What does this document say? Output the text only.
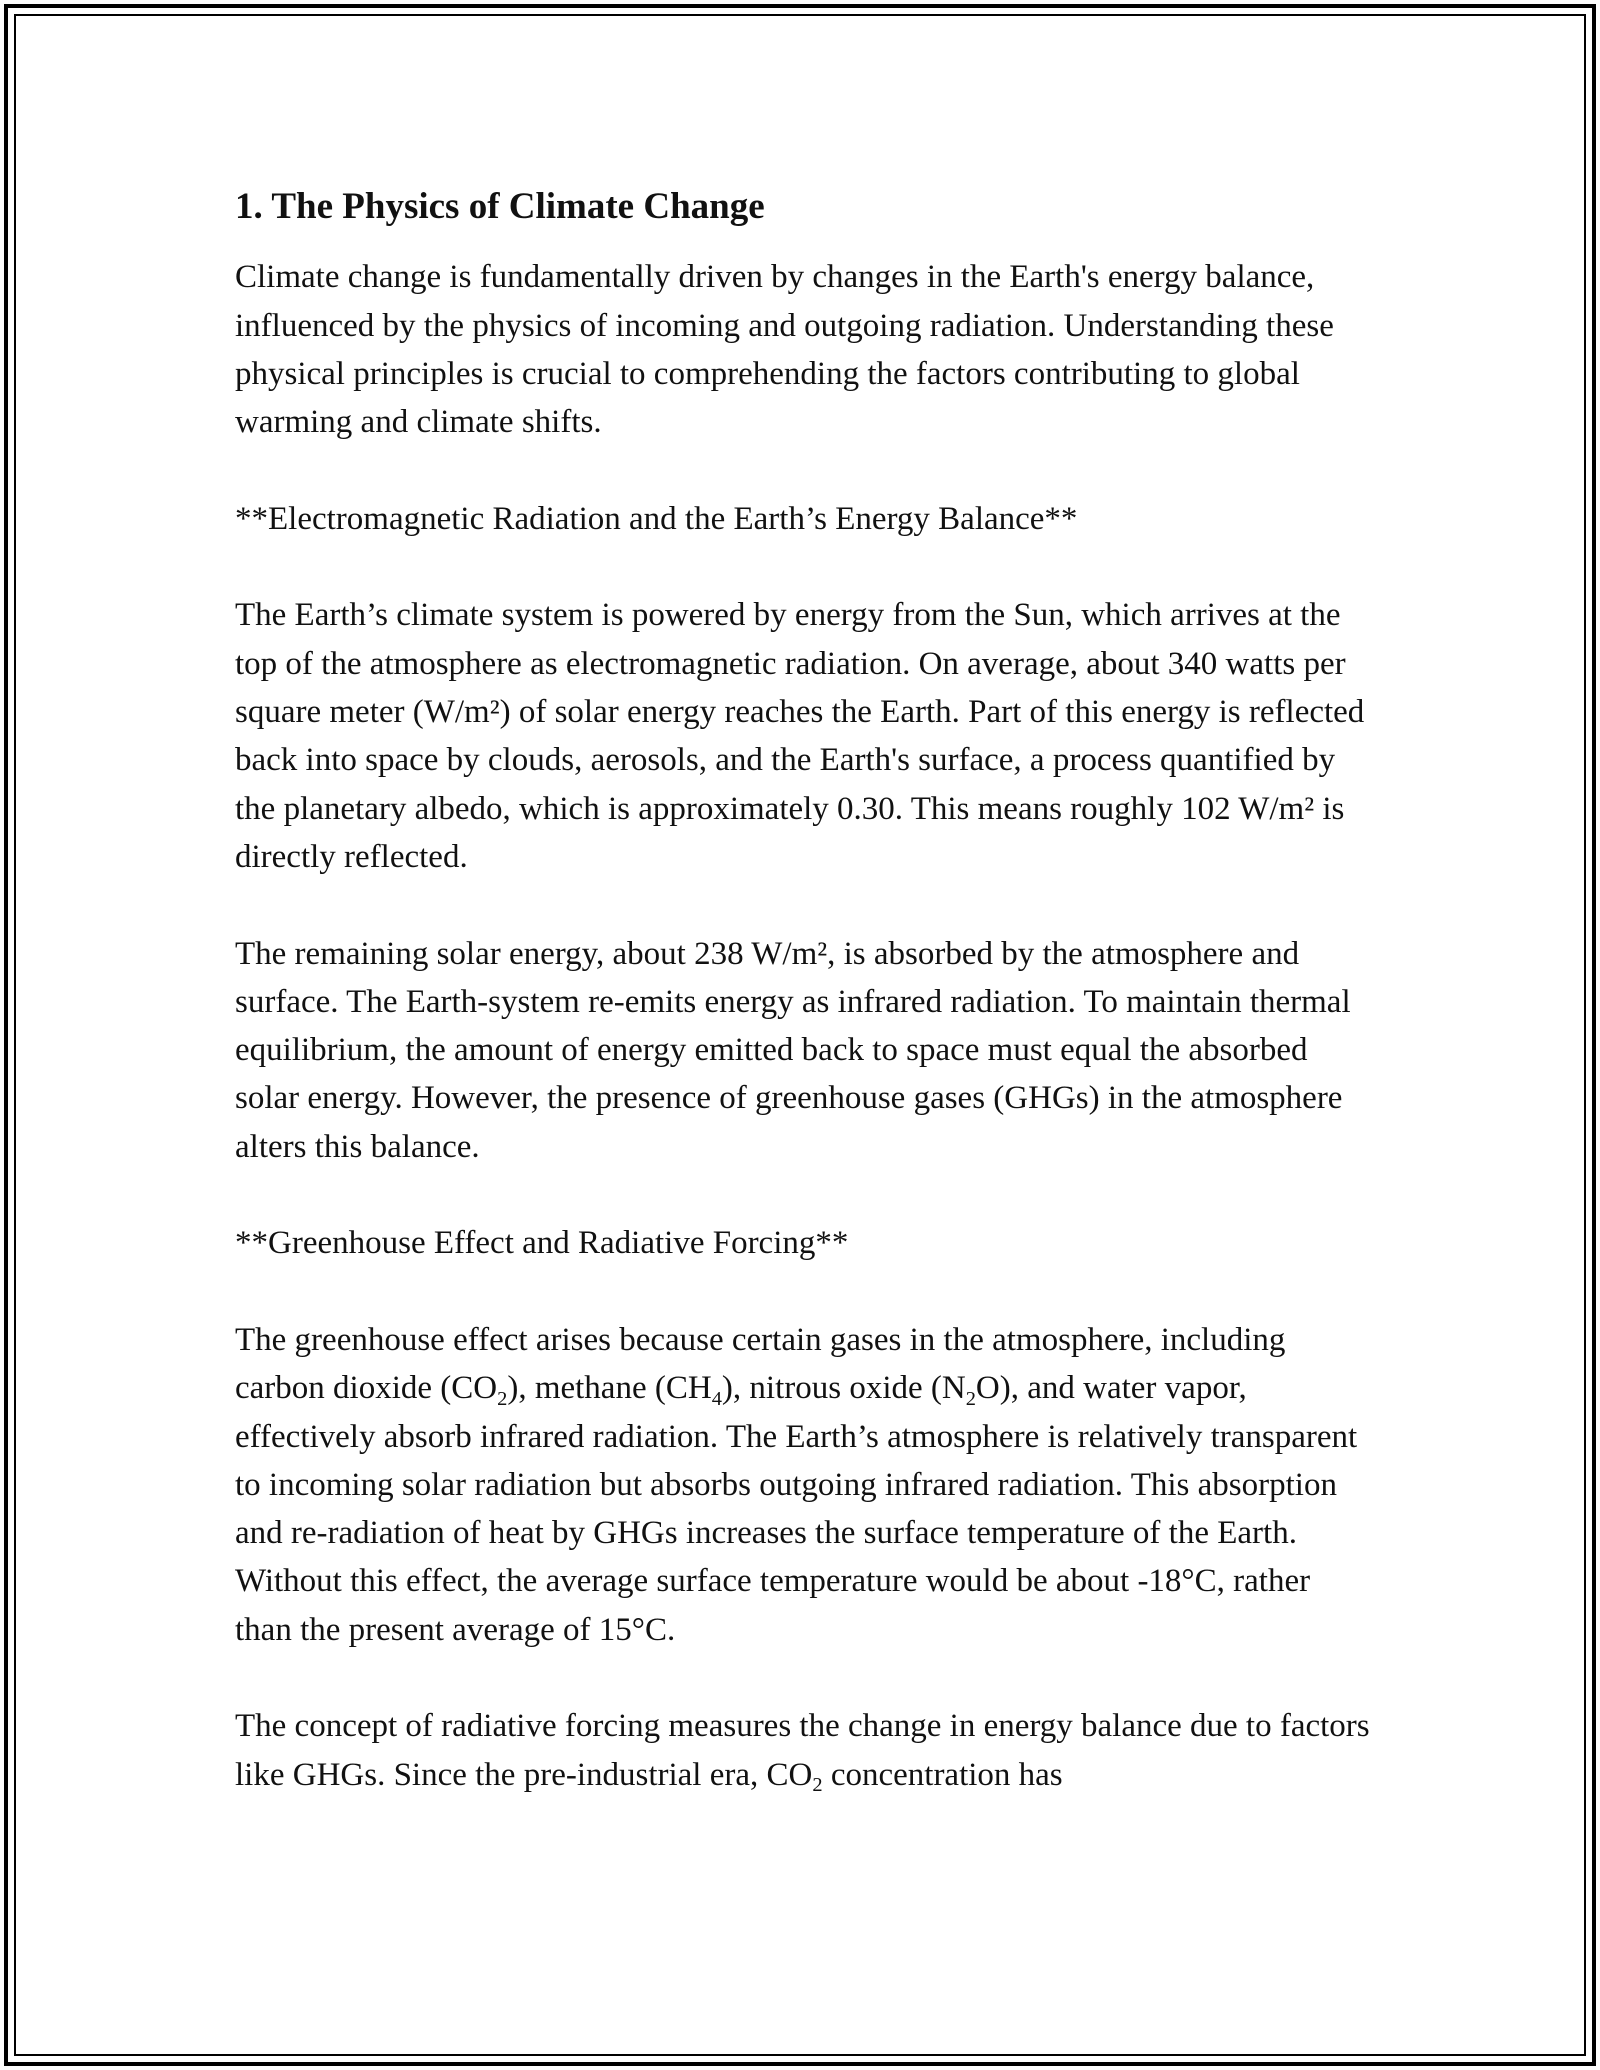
1. The Physics of Climate Change

Climate change is fundamentally driven by changes in the Earth's energy balance, influenced by the physics of incoming and outgoing radiation. Understanding these physical principles is crucial to comprehending the factors contributing to global warming and climate shifts.

**Electromagnetic Radiation and the Earth’s Energy Balance**

The Earth’s climate system is powered by energy from the Sun, which arrives at the top of the atmosphere as electromagnetic radiation. On average, about 340 watts per square meter (W/m²) of solar energy reaches the Earth. Part of this energy is reflected back into space by clouds, aerosols, and the Earth's surface, a process quantified by the planetary albedo, which is approximately 0.30. This means roughly 102 W/m² is directly reflected.

The remaining solar energy, about 238 W/m², is absorbed by the atmosphere and surface. The Earth-system re-emits energy as infrared radiation. To maintain thermal equilibrium, the amount of energy emitted back to space must equal the absorbed solar energy. However, the presence of greenhouse gases (GHGs) in the atmosphere alters this balance.

**Greenhouse Effect and Radiative Forcing**

The greenhouse effect arises because certain gases in the atmosphere, including carbon dioxide $(CO_2)$, methane $(CH_4)$, nitrous oxide $(N_2O)$, and water vapor, effectively absorb infrared radiation. The Earth’s atmosphere is relatively transparent to incoming solar radiation but absorbs outgoing infrared radiation. This absorption and re-radiation of heat by GHGs increases the surface temperature of the Earth. Without this effect, the average surface temperature would be about -18°C, rather than the present average of 15°C.

The concept of radiative forcing measures the change in energy balance due to factors like GHGs. Since the pre-industrial era, $CO_2$ concentration has
